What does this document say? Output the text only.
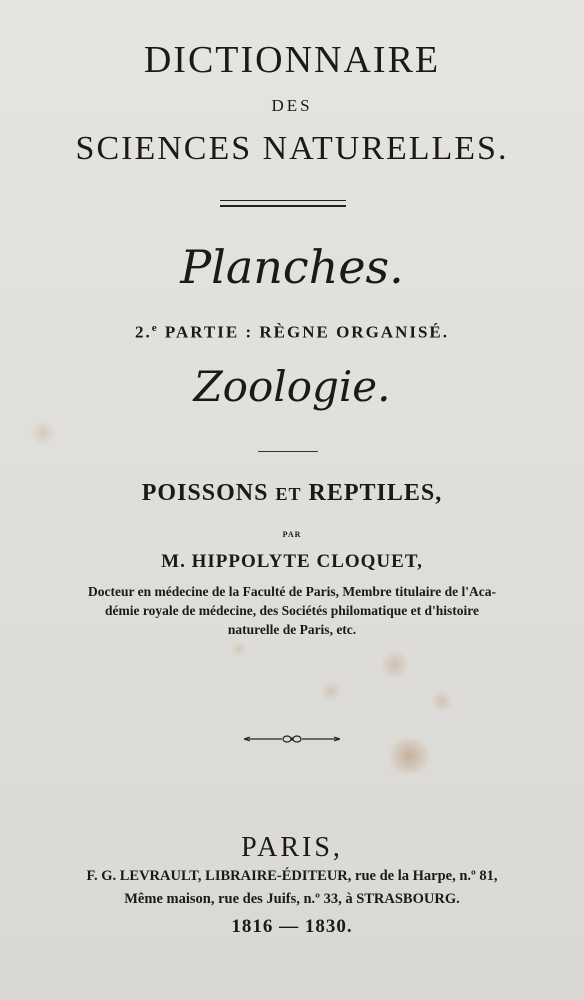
DICTIONNAIRE
DES
SCIENCES NATURELLES.
Planches.
2.$^e$ PARTIE : RÈGNE ORGANISÉ.
Zoologie.
POISSONS ET REPTILES,
PAR
M. HIPPOLYTE CLOQUET,
Docteur en médecine de la Faculté de Paris, Membre titulaire de l'Aca-
démie royale de médecine, des Sociétés philomatique et d'histoire
naturelle de Paris, etc.
PARIS,
F. G. LEVRAULT, LIBRAIRE-ÉDITEUR, rue de la Harpe, n.º 81,
Même maison, rue des Juifs, n.º 33, à STRASBOURG.
1816 — 1830.
